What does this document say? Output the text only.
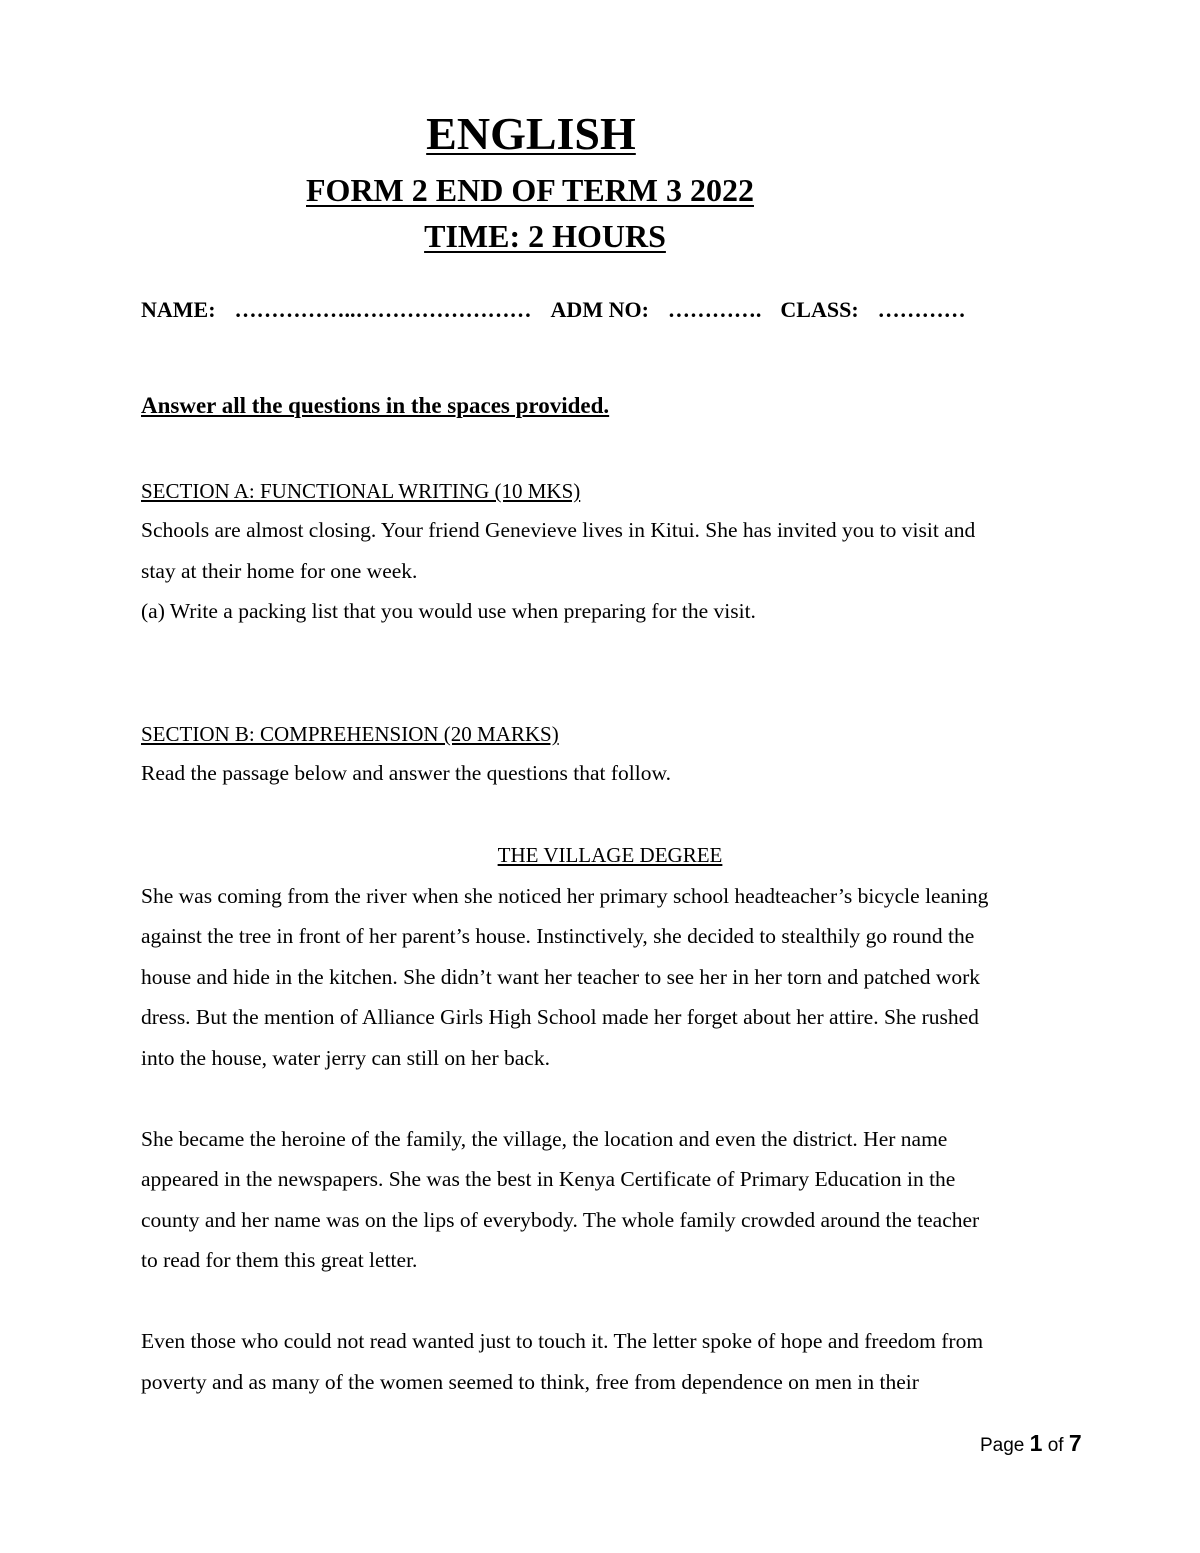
ENGLISH
FORM 2 END OF TERM 3 2022
TIME: 2 HOURS
NAME: ……………..…………………… ADM NO: …………. CLASS: …………
Answer all the questions in the spaces provided.
SECTION A: FUNCTIONAL WRITING (10 MKS)
Schools are almost closing. Your friend Genevieve lives in Kitui. She has invited you to visit and
stay at their home for one week.
(a) Write a packing list that you would use when preparing for the visit.
SECTION B: COMPREHENSION (20 MARKS)
Read the passage below and answer the questions that follow.
THE VILLAGE DEGREE
She was coming from the river when she noticed her primary school headteacher’s bicycle leaning
against the tree in front of her parent’s house. Instinctively, she decided to stealthily go round the
house and hide in the kitchen. She didn’t want her teacher to see her in her torn and patched work
dress. But the mention of Alliance Girls High School made her forget about her attire. She rushed
into the house, water jerry can still on her back.
She became the heroine of the family, the village, the location and even the district. Her name
appeared in the newspapers. She was the best in Kenya Certificate of Primary Education in the
county and her name was on the lips of everybody. The whole family crowded around the teacher
to read for them this great letter.
Even those who could not read wanted just to touch it. The letter spoke of hope and freedom from
poverty and as many of the women seemed to think, free from dependence on men in their
Page 1 of 7
